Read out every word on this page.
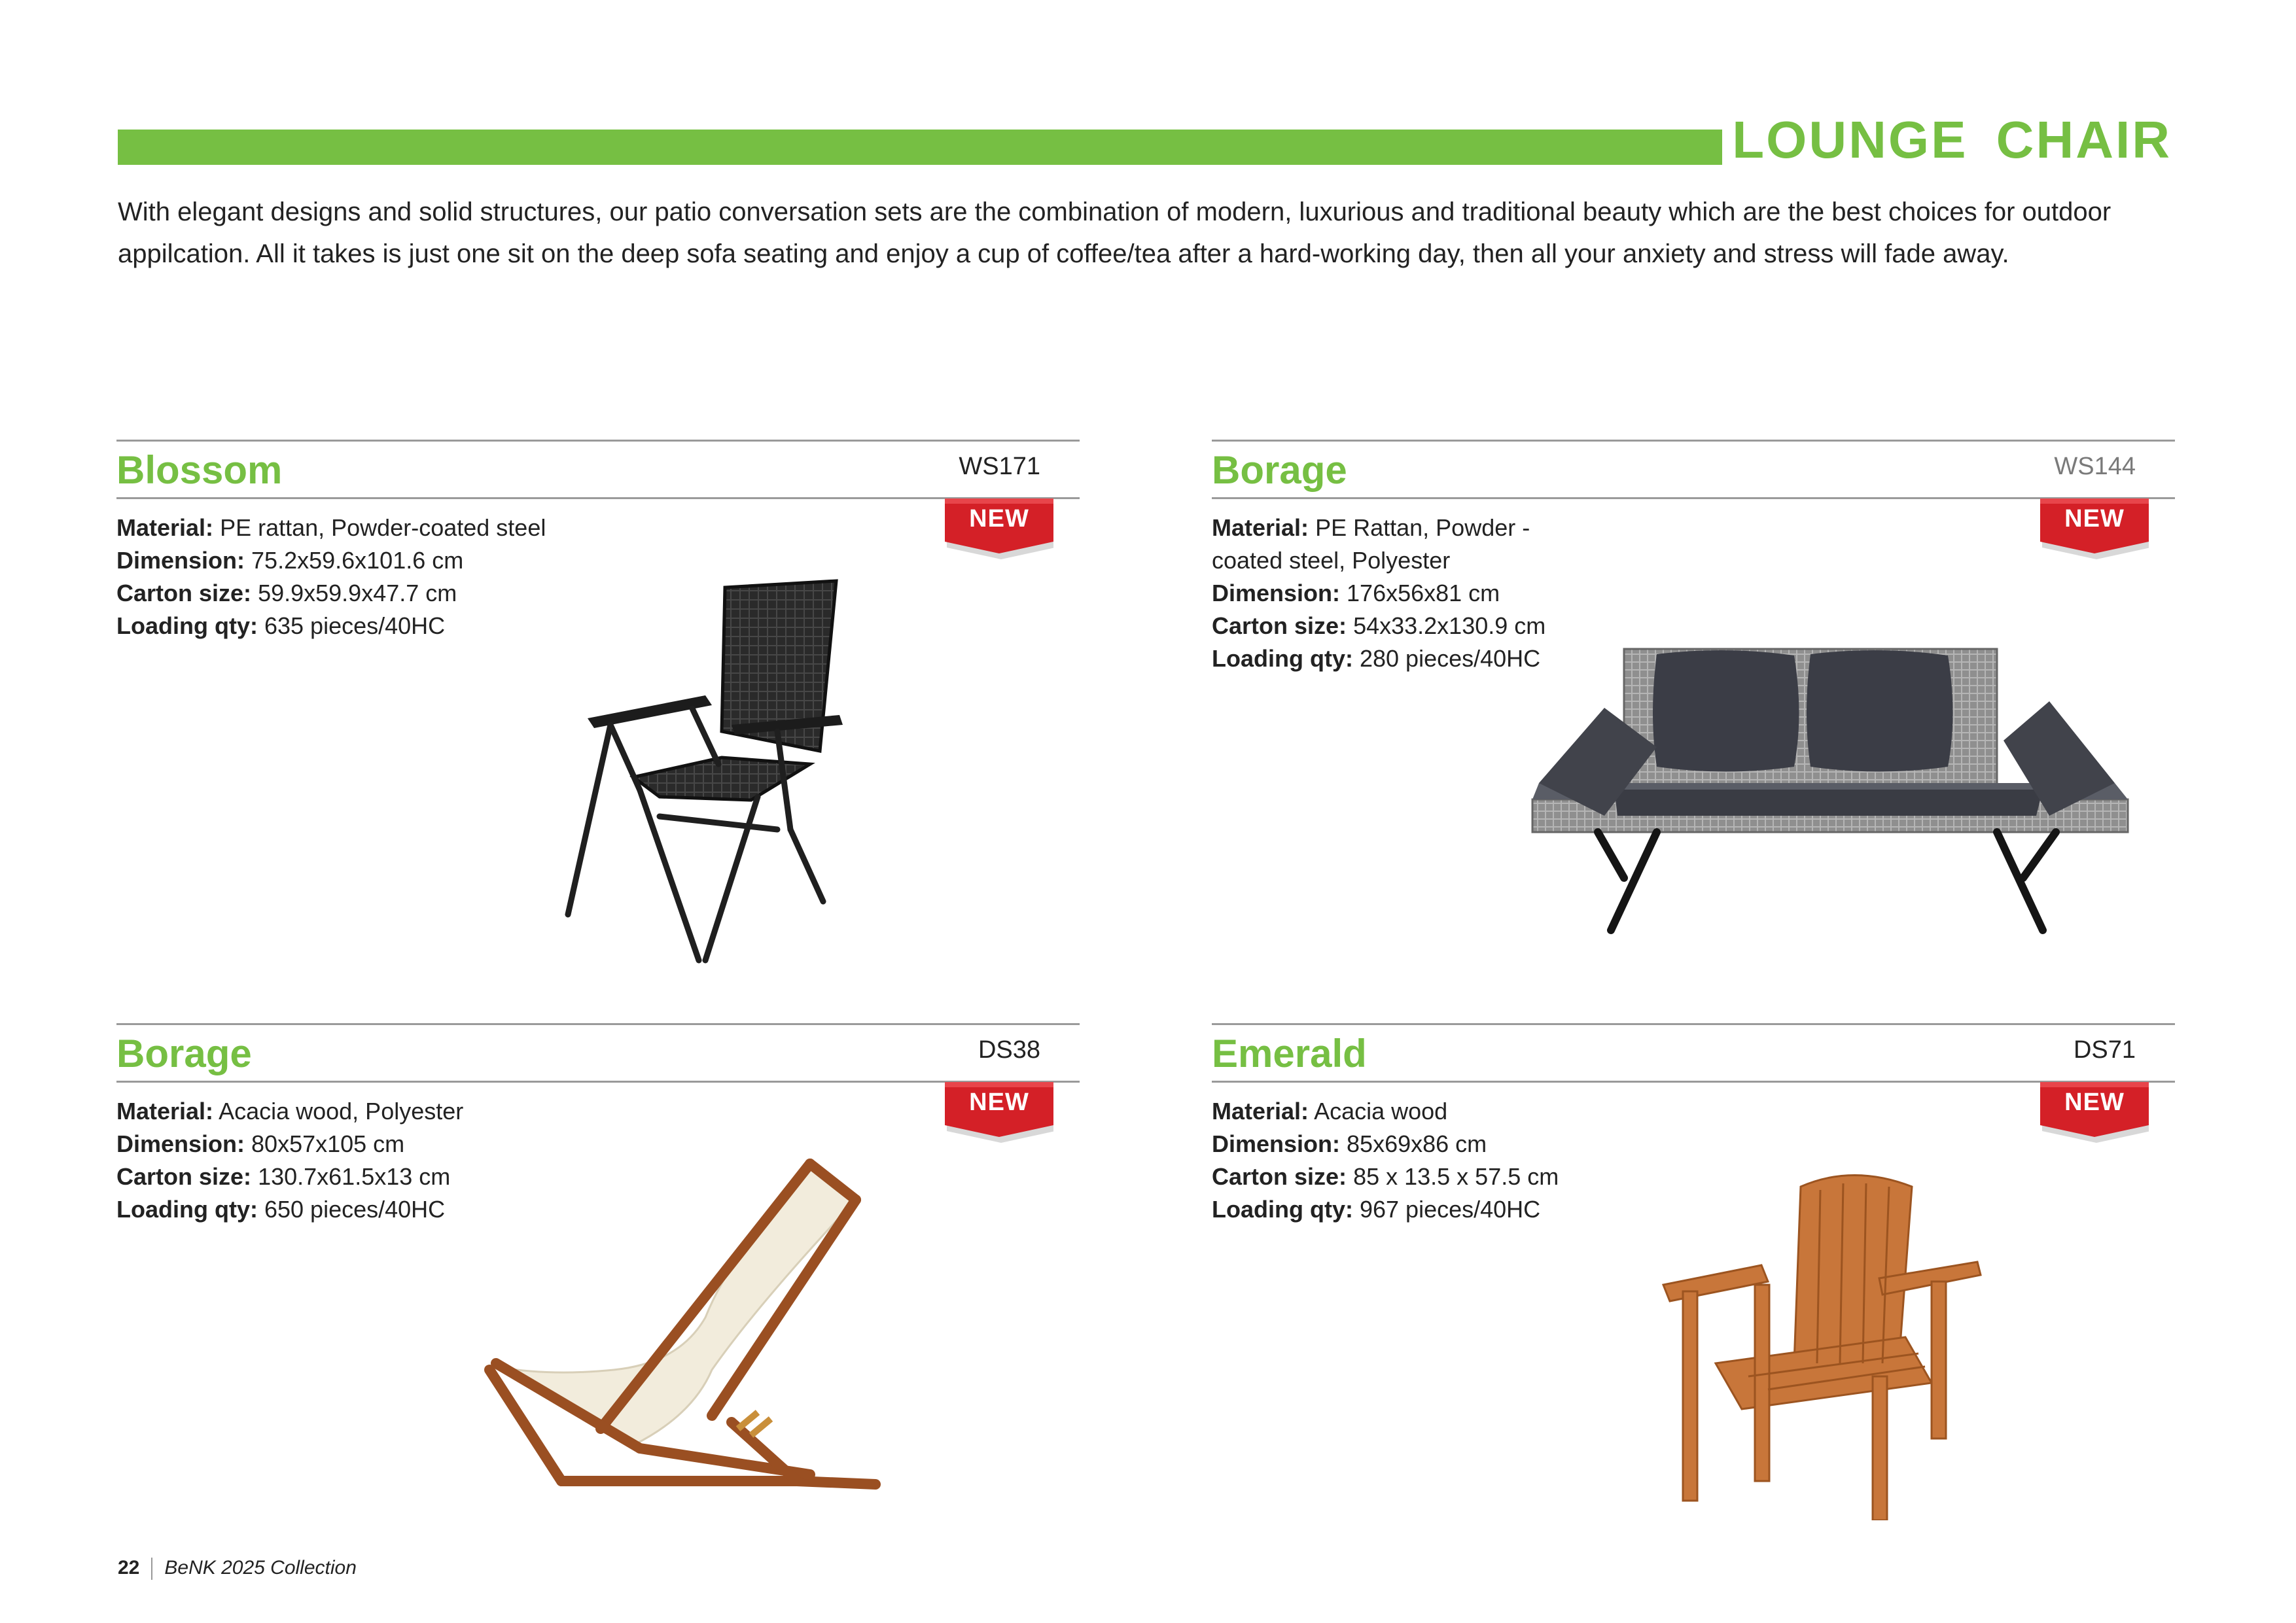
LOUNGE CHAIR

With elegant designs and solid structures, our patio conversation sets are the combination of modern, luxurious and traditional beauty which are the best choices for outdoor appilcation. All it takes is just one sit on the deep sofa seating and enjoy a cup of coffee/tea after a hard-working day, then all your anxiety and stress will fade away.

Blossom	WS171
NEW

Material: PE rattan, Powder-coated steel

Dimension: 75.2x59.6x101.6 cm

Carton size: 59.9x59.9x47.7 cm

Loading qty: 635 pieces/40HC

Borage	WS144
NEW

Material: PE Rattan, Powder - coated steel, Polyester

Dimension: 176x56x81 cm

Carton size: 54x33.2x130.9 cm

Loading qty: 280 pieces/40HC

Borage	DS38
NEW

Material: Acacia wood, Polyester

Dimension: 80x57x105 cm

Carton size: 130.7x61.5x13 cm

Loading qty: 650 pieces/40HC

Emerald	DS71
NEW

Material: Acacia wood

Dimension: 85x69x86 cm

Carton size: 85 x 13.5 x 57.5 cm

Loading qty: 967 pieces/40HC

22 BeNK 2025 Collection
